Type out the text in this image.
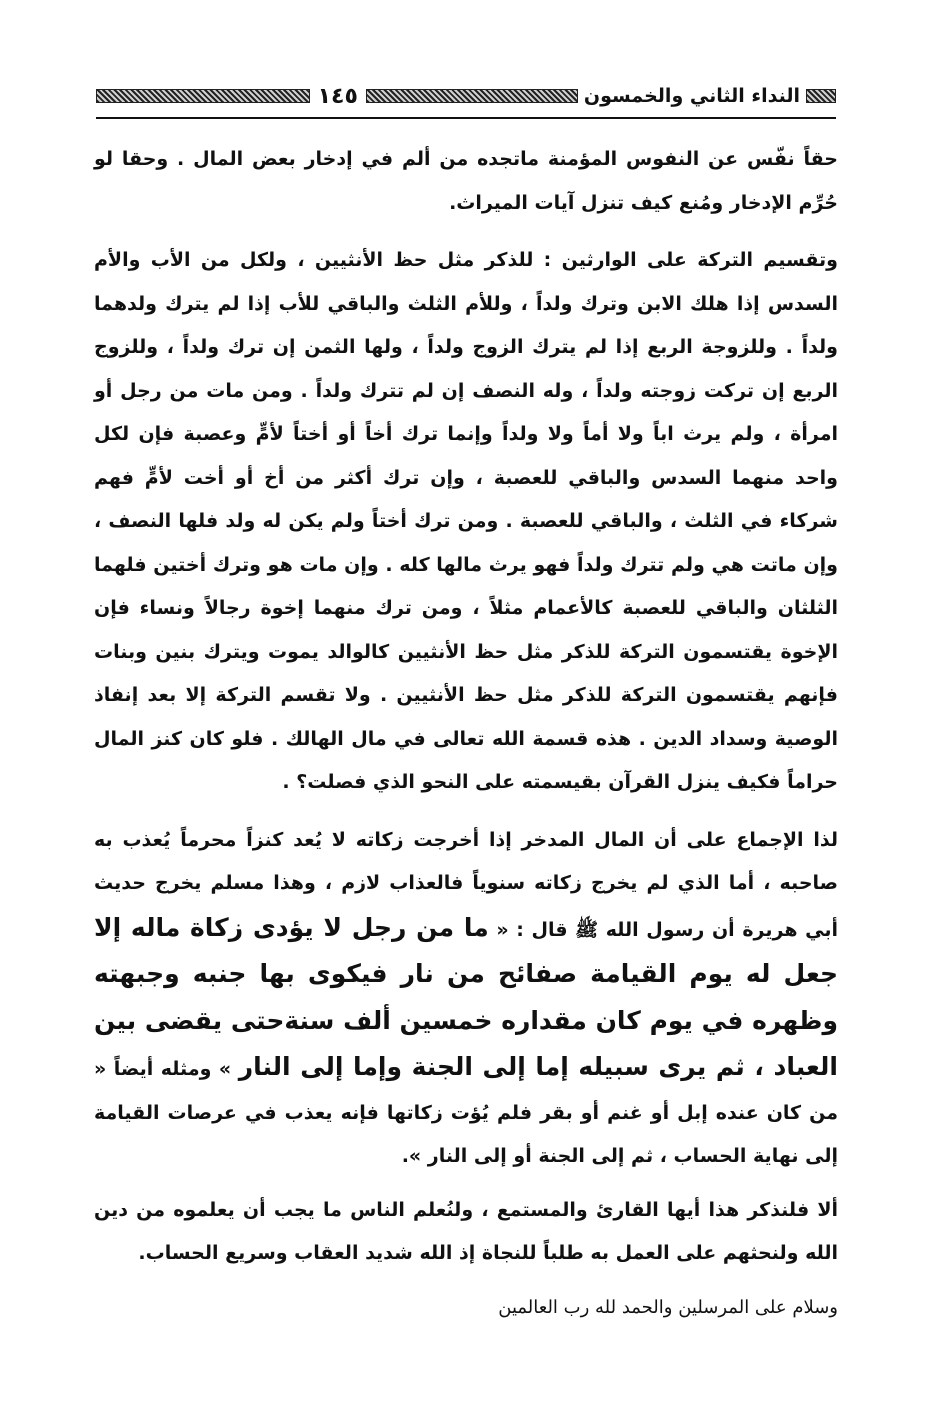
النداء الثاني والخمسون
١٤٥

حقاً نفّس عن النفوس المؤمنة ماتجده من ألم في إدخار بعض المال . وحقا لو حُرِّم الإدخار ومُنع كيف تنزل آيات الميراث.

وتقسيم التركة على الوارثين : للذكر مثل حظ الأنثيين ، ولكل من الأب والأم السدس إذا هلك الابن وترك ولداً ، وللأم الثلث والباقي للأب إذا لم يترك ولدهما ولداً . وللزوجة الربع إذا لم يترك الزوج ولداً ، ولها الثمن إن ترك ولداً ، وللزوج الربع إن تركت زوجته ولداً ، وله النصف إن لم تترك ولداً . ومن مات من رجل أو امرأة ، ولم يرث اباً ولا أماً ولا ولداً وإنما ترك أخاً أو أختاً لأمٍّ وعصبة فإن لكل واحد منهما السدس والباقي للعصبة ، وإن ترك أكثر من أخ أو أخت لأمٍّ فهم شركاء في الثلث ، والباقي للعصبة . ومن ترك أختاً ولم يكن له ولد فلها النصف ، وإن ماتت هي ولم تترك ولداً فهو يرث مالها كله . وإن مات هو وترك أختين فلهما الثلثان والباقي للعصبة كالأعمام مثلاً ، ومن ترك منهما إخوة رجالاً ونساء فإن الإخوة يقتسمون التركة للذكر مثل حظ الأنثيين كالوالد يموت ويترك بنين وبنات فإنهم يقتسمون التركة للذكر مثل حظ الأنثيين . ولا تقسم التركة إلا بعد إنفاذ الوصية وسداد الدين . هذه قسمة الله تعالى في مال الهالك . فلو كان كنز المال حراماً فكيف ينزل القرآن بقيسمته على النحو الذي فصلت؟ .

لذا الإجماع على أن المال المدخر إذا أخرجت زكاته لا يُعد كنزاً محرماً يُعذب به صاحبه ، أما الذي لم يخرج زكاته سنوياً فالعذاب لازم ، وهذا مسلم يخرج حديث أبي هريرة أن رسول الله ﷺ قال : « ما من رجل لا يؤدى زكاة ماله إلا جعل له يوم القيامة صفائح من نار فيكوى بها جنبه وجبهته وظهره في يوم كان مقداره خمسين ألف سنةحتى يقضى بين العباد ، ثم يرى سبيله إما إلى الجنة وإما إلى النار » ومثله أيضاً « من كان عنده إبل أو غنم أو بقر فلم يُؤت زكاتها فإنه يعذب في عرصات القيامة إلى نهاية الحساب ، ثم إلى الجنة أو إلى النار ».

ألا فلنذكر هذا أيها القارئ والمستمع ، ولنُعلم الناس ما يجب أن يعلموه من دين الله ولنحثهم على العمل به طلباً للنجاة إذ الله شديد العقاب وسريع الحساب.

وسلام على المرسلين والحمد لله رب العالمين
